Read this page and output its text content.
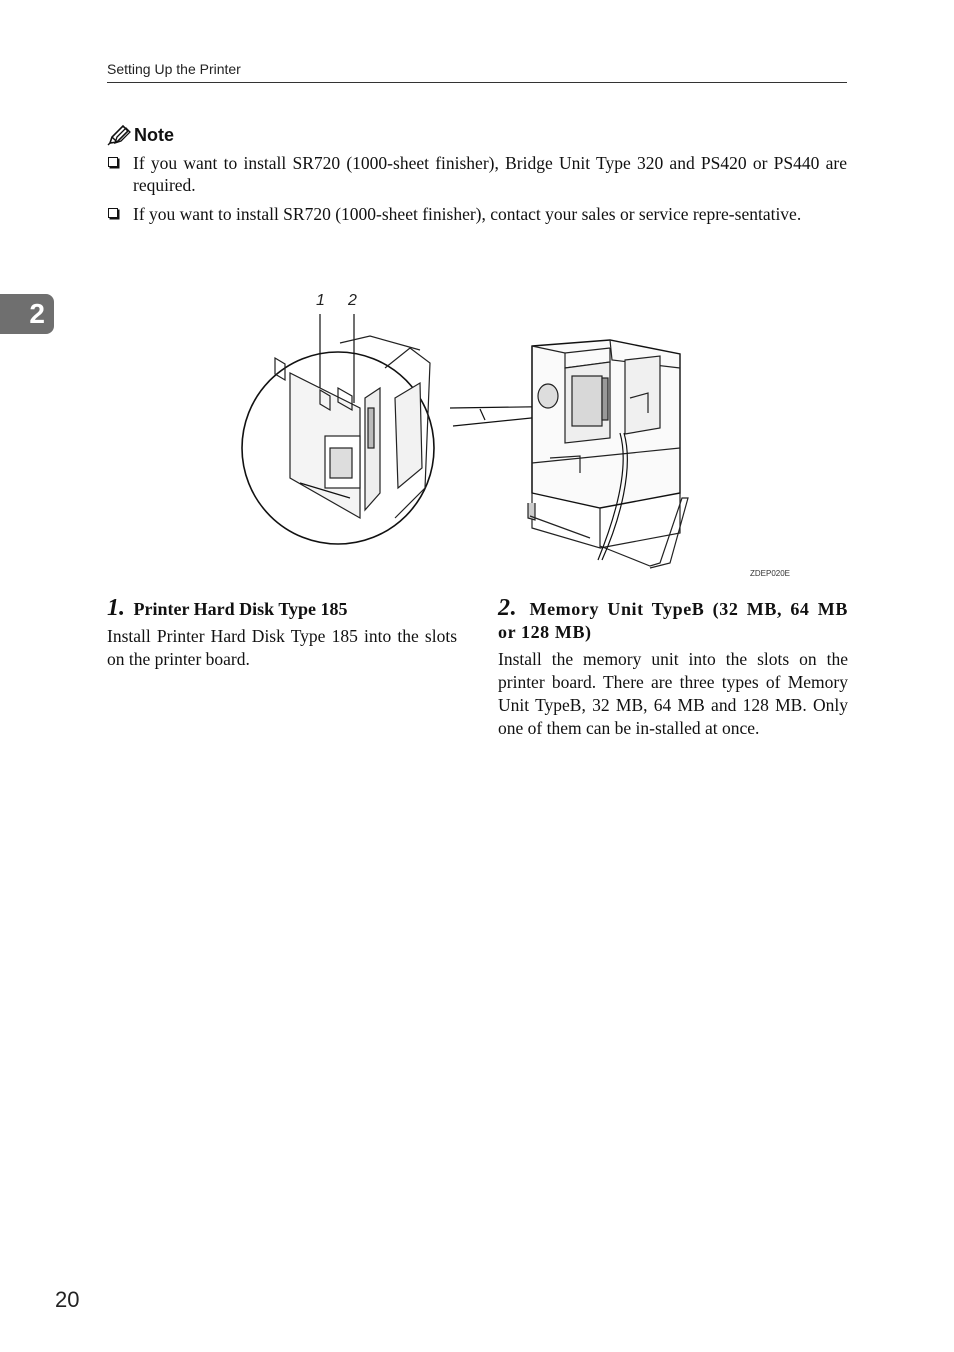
Setting Up the Printer
2
Note
If you want to install SR720 (1000-sheet finisher), Bridge Unit Type 320 and PS420 or PS440 are required.
If you want to install SR720 (1000-sheet finisher), contact your sales or service repre-sentative.
1 2
ZDEP020E

1. Printer Hard Disk Type 185

Install Printer Hard Disk Type 185 into the slots on the printer board.

2. Memory Unit TypeB (32 MB, 64 MB or 128 MB)

Install the memory unit into the slots on the printer board. There are three types of Memory Unit TypeB, 32 MB, 64 MB and 128 MB. Only one of them can be in-stalled at once.

20
